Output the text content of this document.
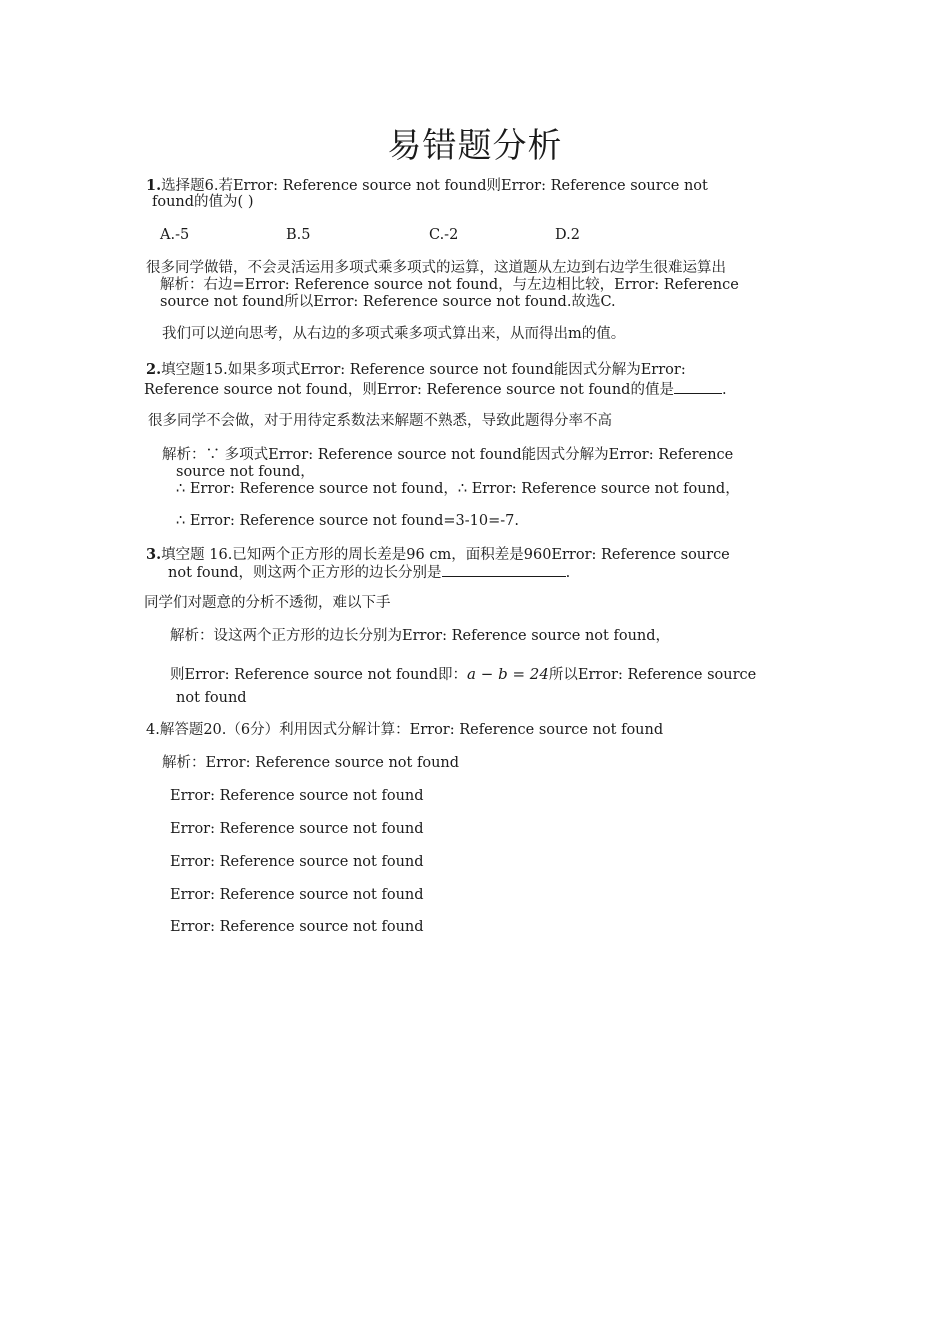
易错题分析
1.选择题6.若Error: Reference source not found则Error: Reference source not
found的值为( )
A.-5	B.5	C.-2	D.2
很多同学做错，不会灵活运用多项式乘多项式的运算，这道题从左边到右边学生很难运算出
解析：右边=Error: Reference source not found，与左边相比较，Error: Reference
source not found所以Error: Reference source not found.故选C.
我们可以逆向思考，从右边的多项式乘多项式算出来，从而得出m的值。
2.填空题15.如果多项式Error: Reference source not found能因式分解为Error:
Reference source not found，则Error: Reference source not found的值是	.
很多同学不会做，对于用待定系数法来解题不熟悉，导致此题得分率不高
解析：∵ 多项式Error: Reference source not found能因式分解为Error: Reference
source not found，
∴ Error: Reference source not found，∴ Error: Reference source not found，
∴ Error: Reference source not found=3-10=-7.
3.填空题 16.已知两个正方形的周长差是96 cm，面积差是960Error: Reference source
not found，则这两个正方形的边长分别是	.
同学们对题意的分析不透彻，难以下手
解析：设这两个正方形的边长分别为Error: Reference source not found，
则Error: Reference source not found即：a − b = 24所以Error: Reference source
not found
4.解答题20.（6分）利用因式分解计算：Error: Reference source not found
解析：Error: Reference source not found
Error: Reference source not found
Error: Reference source not found
Error: Reference source not found
Error: Reference source not found
Error: Reference source not found
